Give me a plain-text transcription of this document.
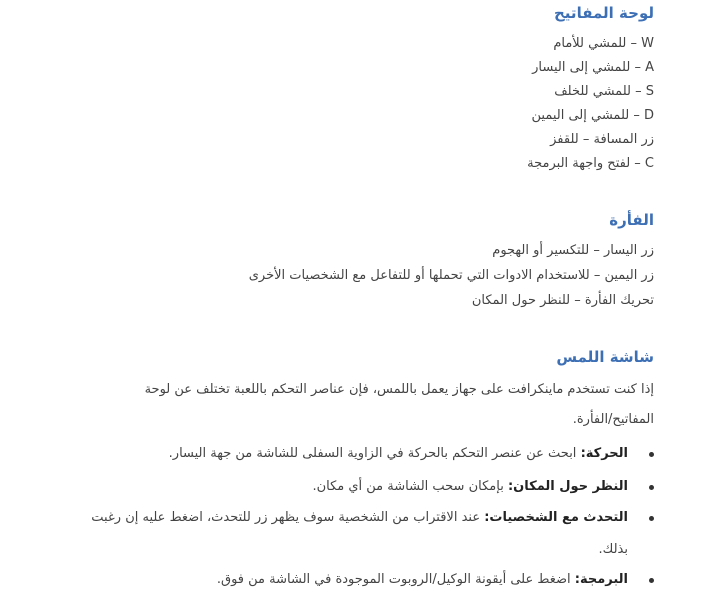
لوحة المفاتيح

W – للمشي للأمام

A – للمشي إلى اليسار

S – للمشي للخلف

D – للمشي إلى اليمين

زر المسافة – للقفز

C – لفتح واجهة البرمجة

الفأرة

زر اليسار – للتكسير أو الهجوم

زر اليمين – للاستخدام الادوات التي تحملها أو للتفاعل مع الشخصيات الأخرى

تحريك الفأرة – للنظر حول المكان

شاشة اللمس

إذا كنت تستخدم ماينكرافت على جهاز يعمل باللمس، فإن عناصر التحكم باللعبة تختلف عن لوحة

المفاتيح/الفأرة.

الحركة: ابحث عن عنصر التحكم بالحركة في الزاوية السفلى للشاشة من جهة اليسار.
النظر حول المكان: بإمكان سحب الشاشة من أي مكان.
التحدث مع الشخصيات: عند الاقتراب من الشخصية سوف يظهر زر للتحدث، اضغط عليه إن رغبت
بذلك.
البرمجة: اضغط على أيقونة الوكيل/الروبوت الموجودة في الشاشة من فوق.
